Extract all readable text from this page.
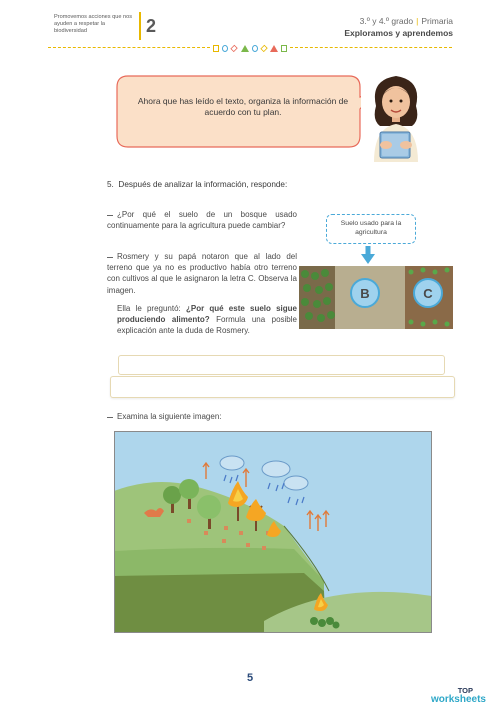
Promovemos acciones que nos ayuden a respetar la biodiversidad	2	3.º y 4.º grado | Primaria
Exploramos y aprendemos
Ahora que has leído el texto, organiza la información de acuerdo con tu plan.
5. Después de analizar la información, responde:
¿Por qué el suelo de un bosque usado continuamente para la agricultura puede cambiar?
Rosmery y su papá notaron que al lado del terreno que ya no es productivo había otro terreno con cultivos al que le asignaron la letra C. Observa la imagen.
Ella le preguntó: ¿Por qué este suelo sigue produciendo alimento? Formula una posible explicación ante la duda de Rosmery.
Suelo usado para la agricultura
B	C
Examina la siguiente imagen:
5
TOP
worksheets
